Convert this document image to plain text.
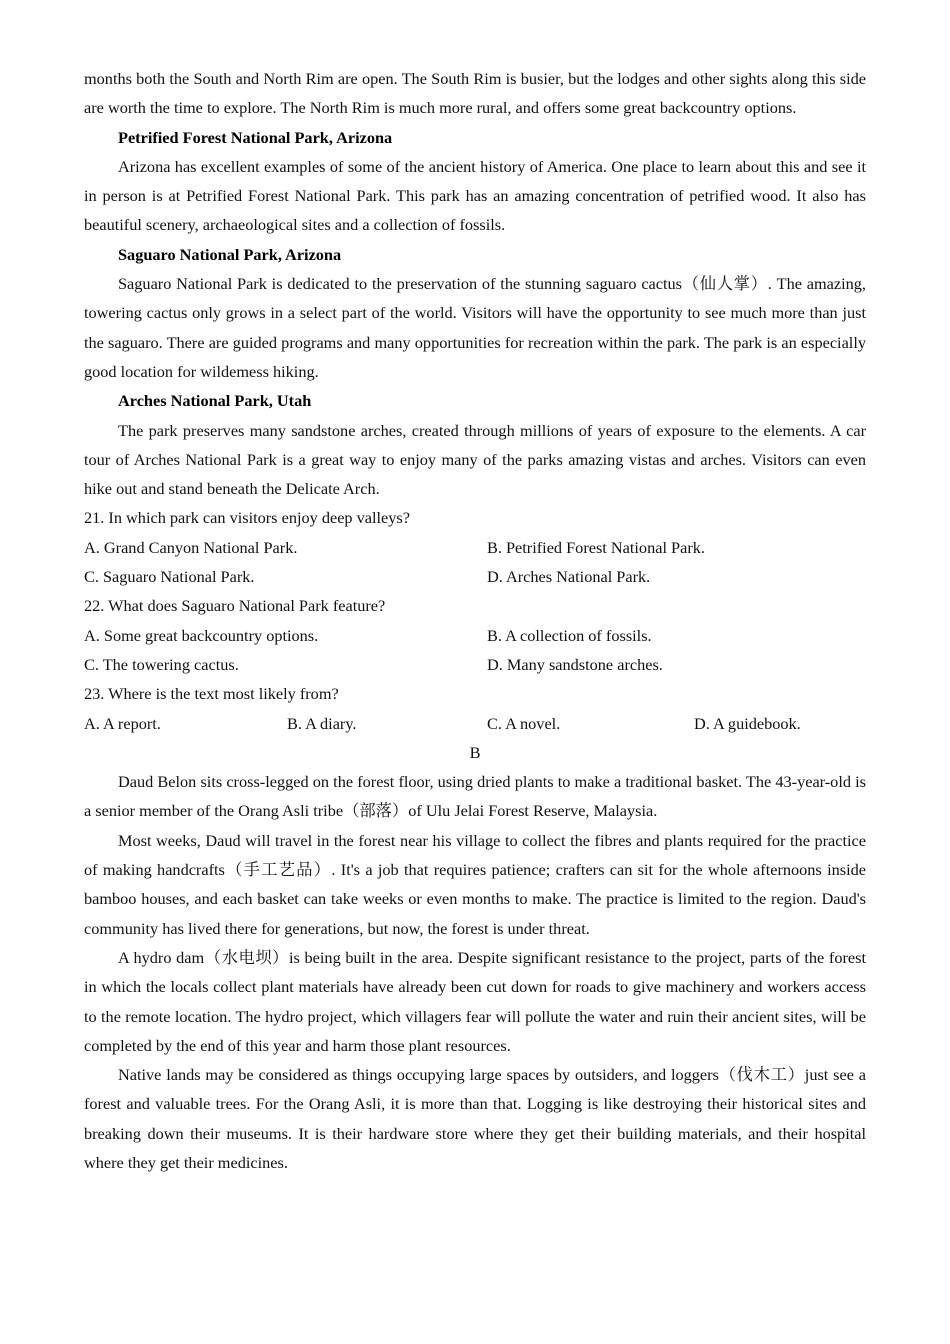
months both the South and North Rim are open. The South Rim is busier, but the lodges and other sights along this side are worth the time to explore. The North Rim is much more rural, and offers some great backcountry options.

Petrified Forest National Park, Arizona

Arizona has excellent examples of some of the ancient history of America. One place to learn about this and see it in person is at Petrified Forest National Park. This park has an amazing concentration of petrified wood. It also has beautiful scenery, archaeological sites and a collection of fossils.

Saguaro National Park, Arizona

Saguaro National Park is dedicated to the preservation of the stunning saguaro cactus（仙人掌）. The amazing, towering cactus only grows in a select part of the world. Visitors will have the opportunity to see much more than just the saguaro. There are guided programs and many opportunities for recreation within the park. The park is an especially good location for wildemess hiking.

Arches National Park, Utah

The park preserves many sandstone arches, created through millions of years of exposure to the elements. A car tour of Arches National Park is a great way to enjoy many of the parks amazing vistas and arches. Visitors can even hike out and stand beneath the Delicate Arch.

21. In which park can visitors enjoy deep valleys?

A. Grand Canyon National Park.	B. Petrified Forest National Park.
C. Saguaro National Park.	D. Arches National Park.

22. What does Saguaro National Park feature?

A. Some great backcountry options.	B. A collection of fossils.
C. The towering cactus.	D. Many sandstone arches.

23. Where is the text most likely from?

A. A report.	B. A diary.	C. A novel.	D. A guidebook.

B

Daud Belon sits cross-legged on the forest floor, using dried plants to make a traditional basket. The 43-year-old is a senior member of the Orang Asli tribe（部落）of Ulu Jelai Forest Reserve, Malaysia.

Most weeks, Daud will travel in the forest near his village to collect the fibres and plants required for the practice of making handcrafts（手工艺品）. It's a job that requires patience; crafters can sit for the whole afternoons inside bamboo houses, and each basket can take weeks or even months to make. The practice is limited to the region. Daud's community has lived there for generations, but now, the forest is under threat.

A hydro dam（水电坝）is being built in the area. Despite significant resistance to the project, parts of the forest in which the locals collect plant materials have already been cut down for roads to give machinery and workers access to the remote location. The hydro project, which villagers fear will pollute the water and ruin their ancient sites, will be completed by the end of this year and harm those plant resources.

Native lands may be considered as things occupying large spaces by outsiders, and loggers（伐木工）just see a forest and valuable trees. For the Orang Asli, it is more than that. Logging is like destroying their historical sites and breaking down their museums. It is their hardware store where they get their building materials, and their hospital where they get their medicines.
